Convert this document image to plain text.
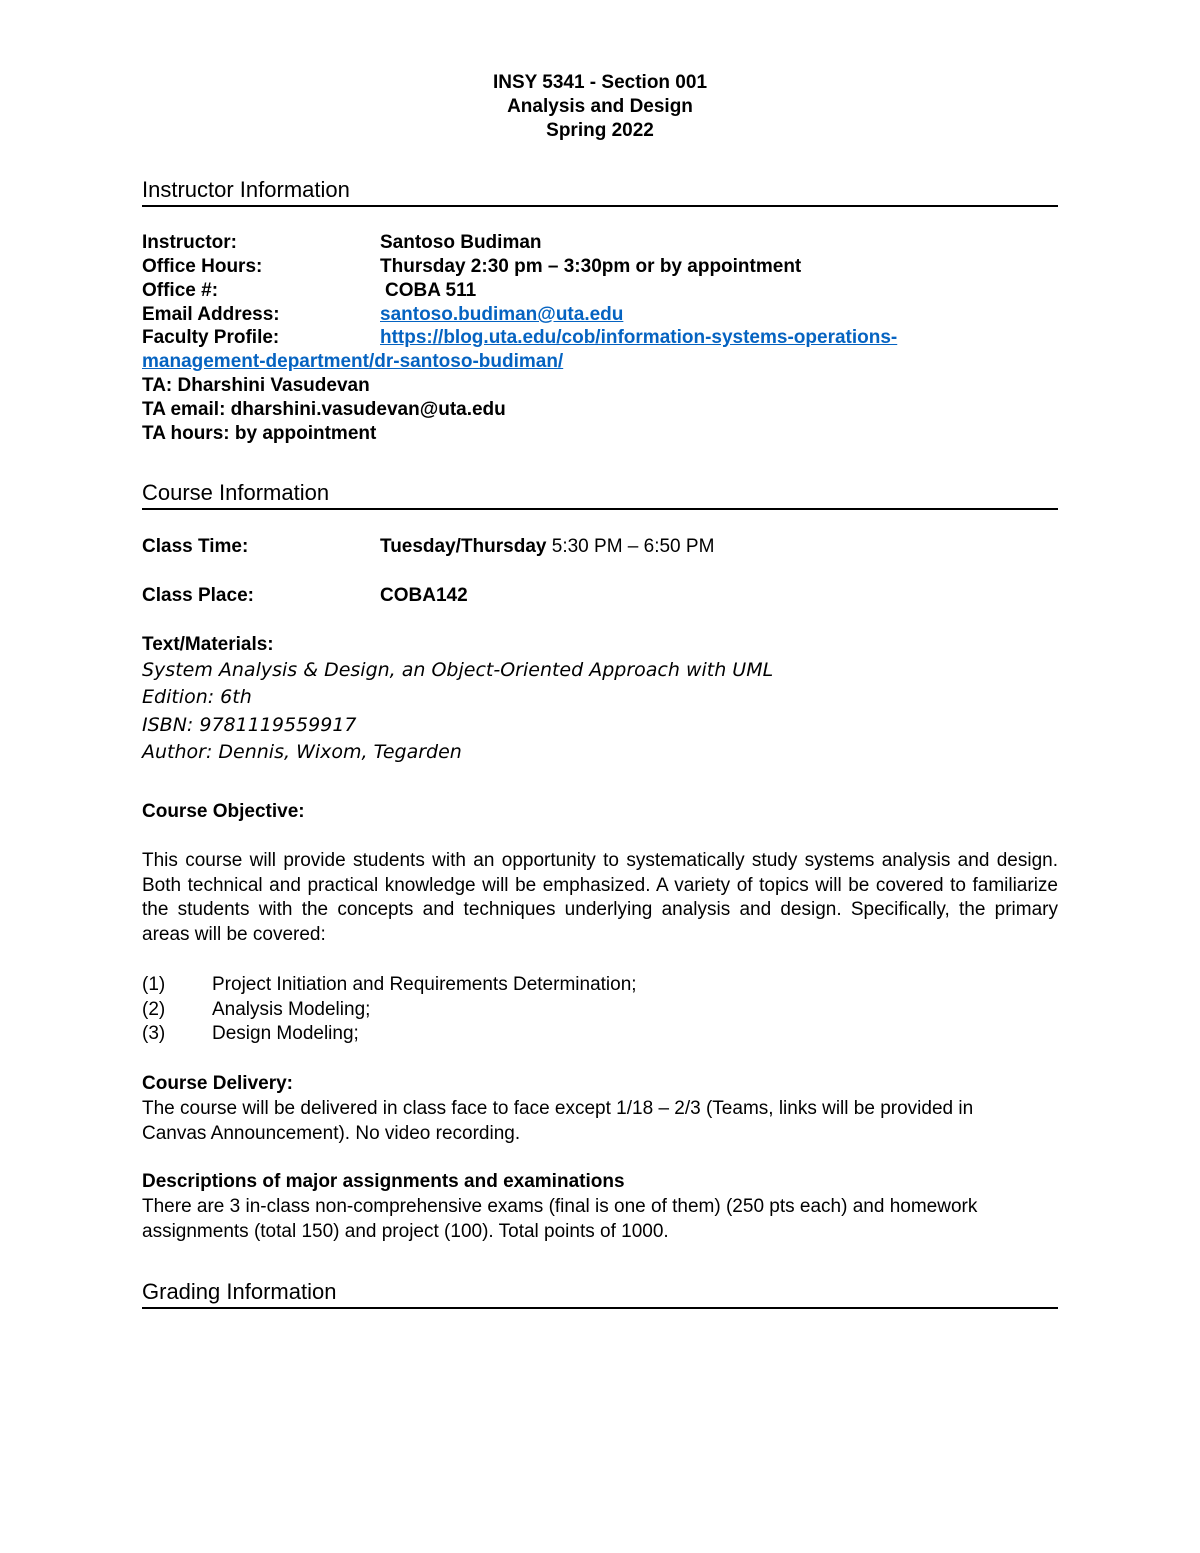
INSY 5341 - Section 001
Analysis and Design
Spring 2022
Instructor Information
Instructor:	Santoso Budiman
Office Hours:	Thursday 2:30 pm – 3:30pm or by appointment
Office #:	COBA 511
Email Address:	santoso.budiman@uta.edu
Faculty Profile:	https://blog.uta.edu/cob/information-systems-operations-
management-department/dr-santoso-budiman/
TA: Dharshini Vasudevan
TA email: dharshini.vasudevan@uta.edu
TA hours: by appointment
Course Information
Class Time:	Tuesday/Thursday 5:30 PM – 6:50 PM
Class Place:	COBA142
Text/Materials:
System Analysis & Design, an Object-Oriented Approach with UML
Edition: 6th
ISBN: 9781119559917
Author: Dennis, Wixom, Tegarden
Course Objective:
This course will provide students with an opportunity to systematically study systems analysis and design. Both technical and practical knowledge will be emphasized. A variety of topics will be covered to familiarize the students with the concepts and techniques underlying analysis and design. Specifically, the primary areas will be covered:
(1) Project Initiation and Requirements Determination;
(2) Analysis Modeling;
(3) Design Modeling;
Course Delivery:
The course will be delivered in class face to face except 1/18 – 2/3 (Teams, links will be provided in Canvas Announcement). No video recording.
Descriptions of major assignments and examinations
There are 3 in-class non-comprehensive exams (final is one of them) (250 pts each) and homework assignments (total 150) and project (100). Total points of 1000.
Grading Information
